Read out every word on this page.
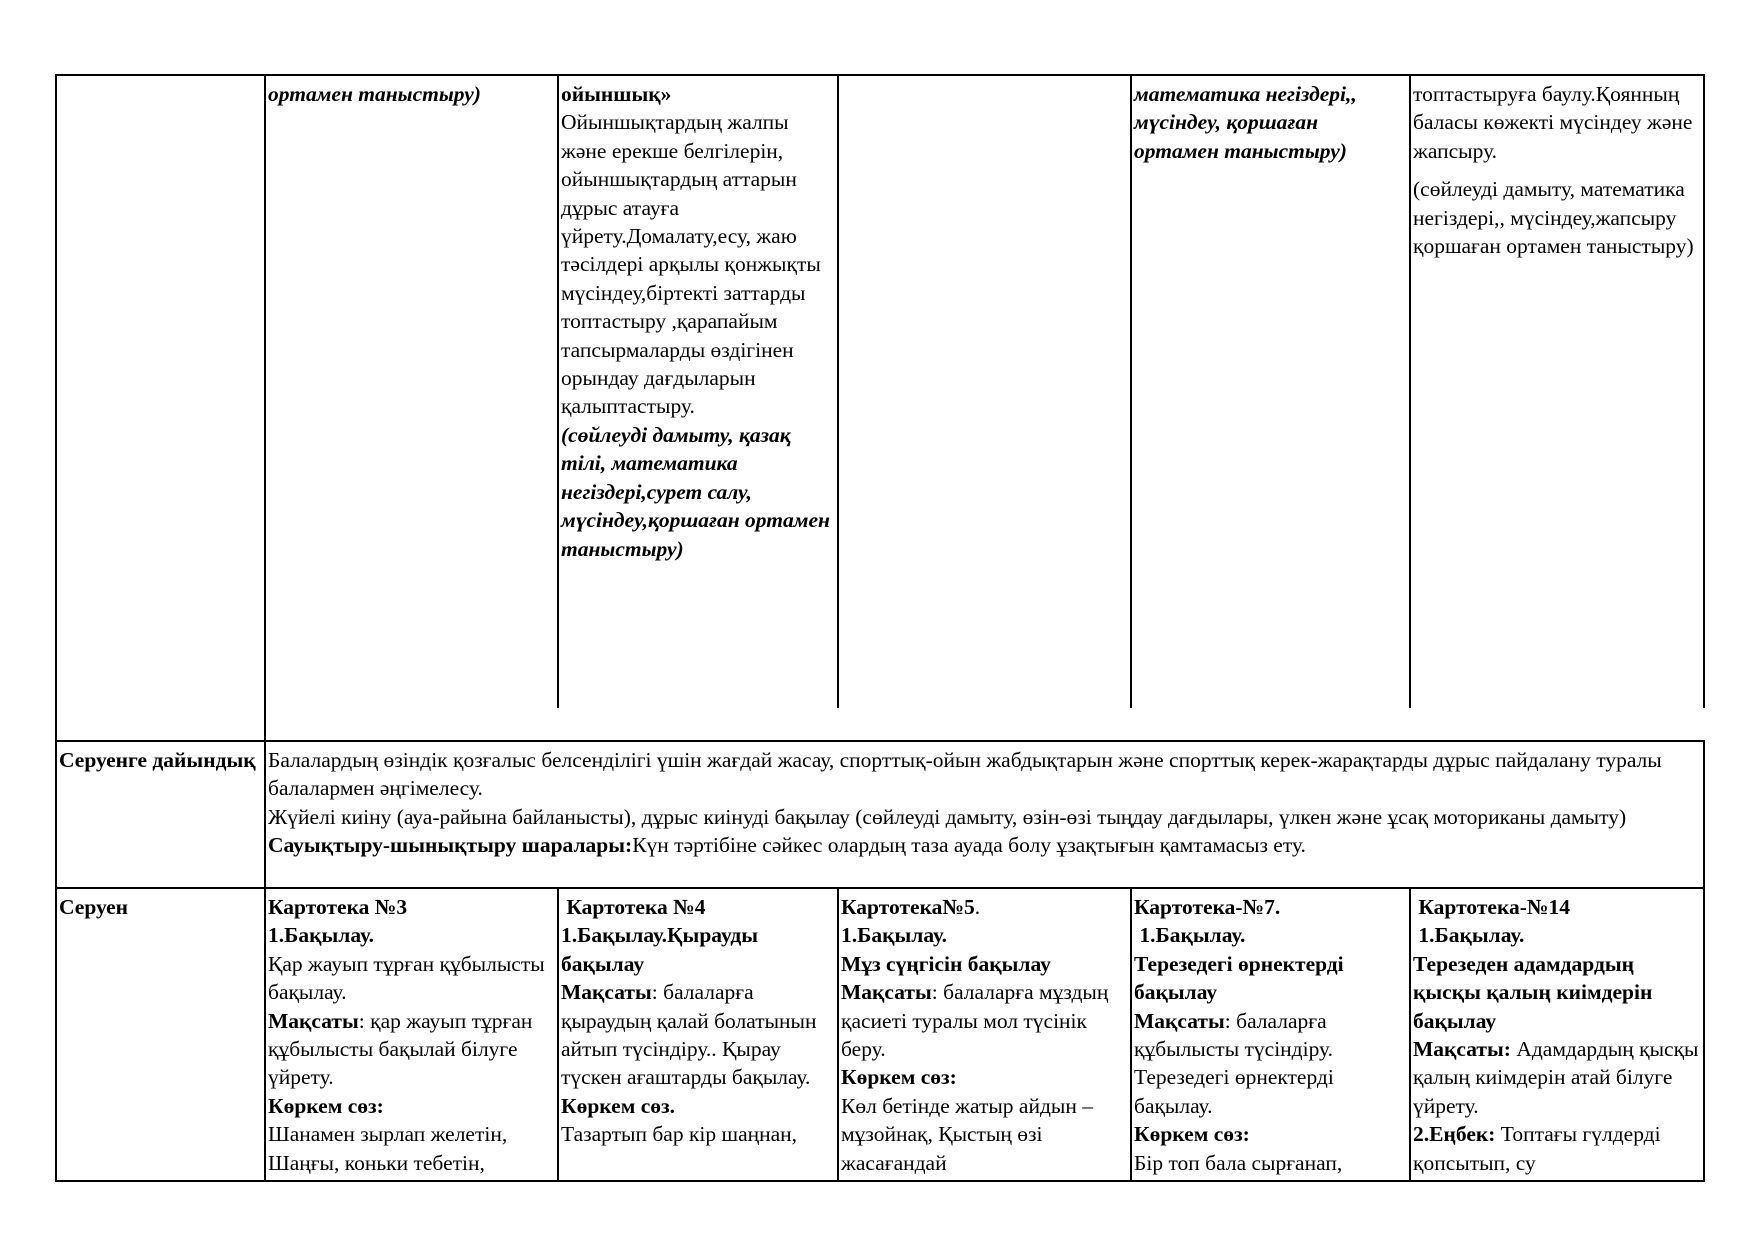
ортамен таныстыру)	ойыншық»

Ойыншықтардың жалпы және ерекше белгілерін, ойыншықтардың аттарын дұрыс атауға үйрету.Домалату,есу, жаю тәсілдері арқылы қонжықты мүсіндеу,біртекті заттарды топтастыру ,қарапайым тапсырмаларды өздігінен орындау дағдыларын қалыптастыру.

(сөйлеуді дамыту, қазақ тілі, математика негіздері,сурет салу, мүсіндеу,қоршаған ортамен таныстыру)

математика негіздері,, мүсіндеу, қоршаған ортамен таныстыру)

топтастыруға баулу.Қоянның баласы көжекті мүсіндеу және жапсыру.

(сөйлеуді дамыту, математика негіздері,, мүсіндеу,жапсыру қоршаған ортамен таныстыру)

Серуенге дайындық Балалардың өзіндік қозғалыс белсенділігі үшін жағдай жасау, спорттық-ойын жабдықтарын және спорттық керек-жарақтарды дұрыс пайдалану туралы балалармен әңгімелесу.

Жүйелі киіну (ауа-райына байланысты), дұрыс киінуді бақылау (сөйлеуді дамыту, өзін-өзі тыңдау дағдылары, үлкен және ұсақ моториканы дамыту)

Сауықтыру-шынықтыру шаралары:Күн тәртібіне сәйкес олардың таза ауада болу ұзақтығын қамтамасыз ету.

Серуен	Картотека №3

1.Бақылау.

Қар жауып тұрған құбылысты бақылау.

Мақсаты: қар жауып тұрған құбылысты бақылай білуге үйрету.

Көркем сөз:

Шанамен зырлап желетін, Шаңғы, коньки тебетін,

Картотека №4

1.Бақылау.Қырауды бақылау

Мақсаты: балаларға қыраудың қалай болатынын айтып түсіндіру.. Қырау түскен ағаштарды бақылау.

Көркем сөз.

Тазартып бар кір шаңнан,

Картотека№5.

1.Бақылау.

Мұз сүңгісін бақылау

Мақсаты: балаларға мұздың қасиеті туралы мол түсінік беру.

Көркем сөз:

Көл бетінде жатыр айдын – мұзойнақ, Қыстың өзі жасағандай

Картотека-№7.

1.Бақылау.

Терезедегі өрнектерді бақылау

Мақсаты: балаларға құбылысты түсіндіру. Терезедегі өрнектерді бақылау.

Көркем сөз:

Бір топ бала сырғанап,

Картотека-№14

1.Бақылау.

Терезеден адамдардың қысқы қалың киімдерін бақылау

Мақсаты: Адамдардың қысқы қалың киімдерін атай білуге үйрету.

2.Еңбек: Топтағы гүлдерді қопсытып, су
